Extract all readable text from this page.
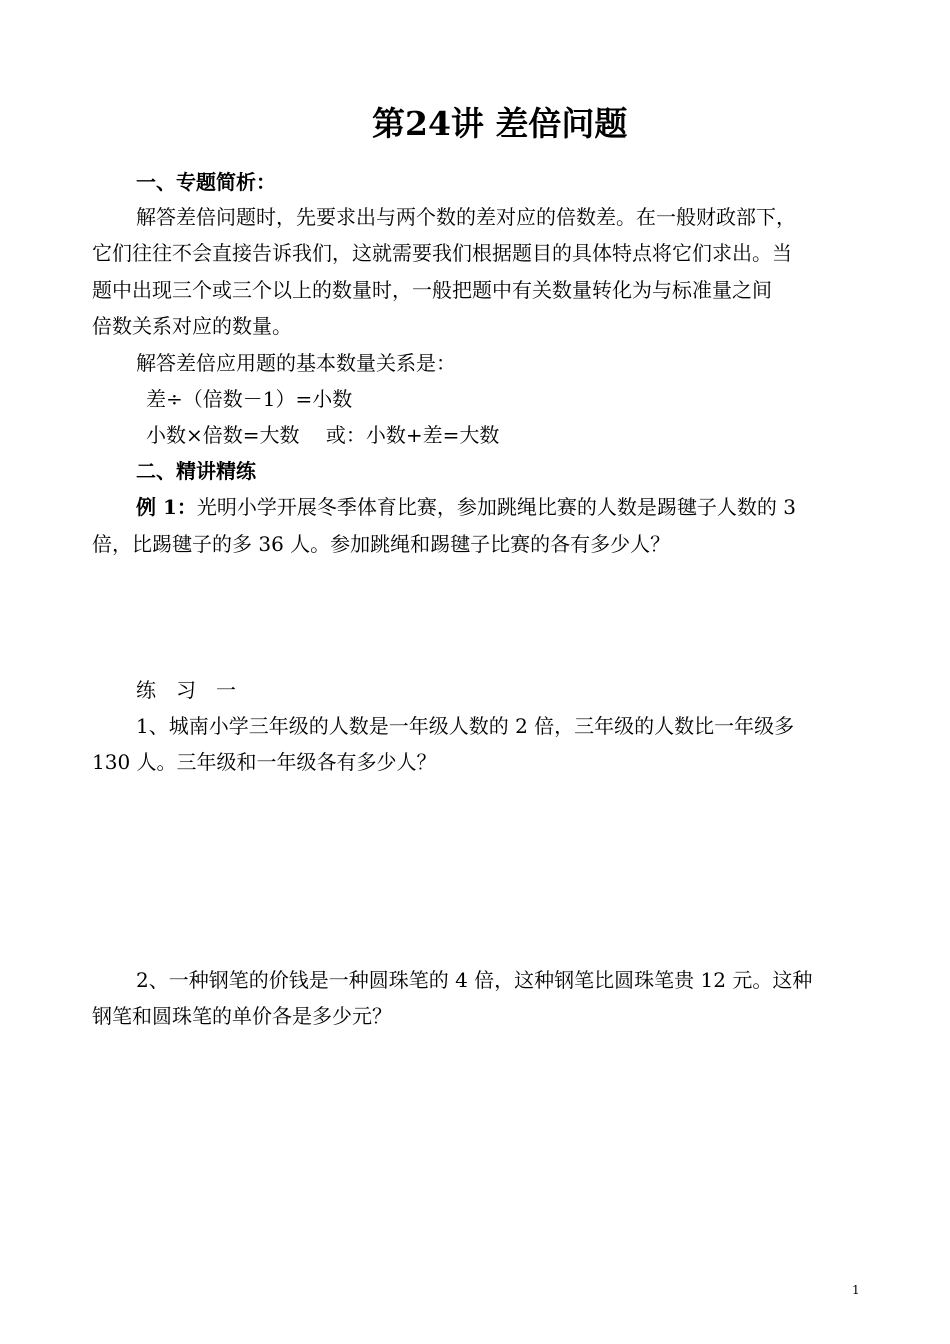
第24讲 差倍问题
一、专题简析：
解答差倍问题时，先要求出与两个数的差对应的倍数差。在一般财政部下，
它们往往不会直接告诉我们，这就需要我们根据题目的具体特点将它们求出。当
题中出现三个或三个以上的数量时，一般把题中有关数量转化为与标准量之间
倍数关系对应的数量。
解答差倍应用题的基本数量关系是：
差÷（倍数－1）=小数
小数×倍数=大数　 或：小数+差=大数
二、精讲精练
例 1：光明小学开展冬季体育比赛，参加跳绳比赛的人数是踢毽子人数的 3
倍，比踢毽子的多 36 人。参加跳绳和踢毽子比赛的各有多少人？
练　习　一
1、城南小学三年级的人数是一年级人数的 2 倍，三年级的人数比一年级多
130 人。三年级和一年级各有多少人？
2、一种钢笔的价钱是一种圆珠笔的 4 倍，这种钢笔比圆珠笔贵 12 元。这种
钢笔和圆珠笔的单价各是多少元？
1
